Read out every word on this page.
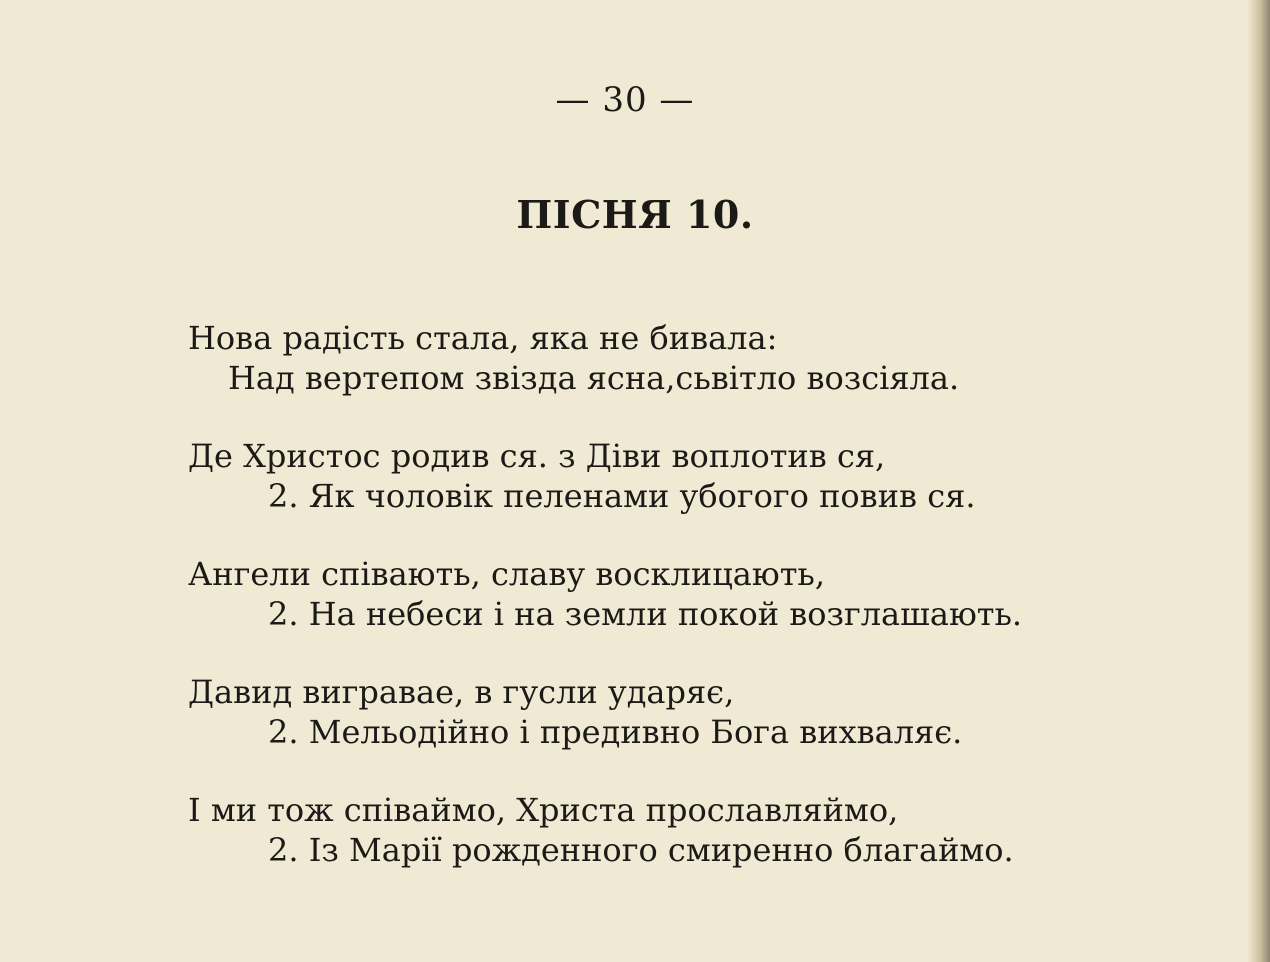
— 30 —
ПІСНЯ 10.
Нова радість стала, яка не бивала:
Над вертепом звізда ясна,сьвітло возсіяла.
Де Христос родив ся. з Діви воплотив ся,
2. Як чоловік пеленами убогого повив ся.
Ангели співають, славу восклицають,
2. На небеси і на земли покой возглашають.
Давид вигравае, в гусли ударяє,
2. Мельодійно і предивно Бога вихваляє.
І ми тож співаймо, Христа прославляймо,
2. Із Марії рожденного смиренно благаймо.
